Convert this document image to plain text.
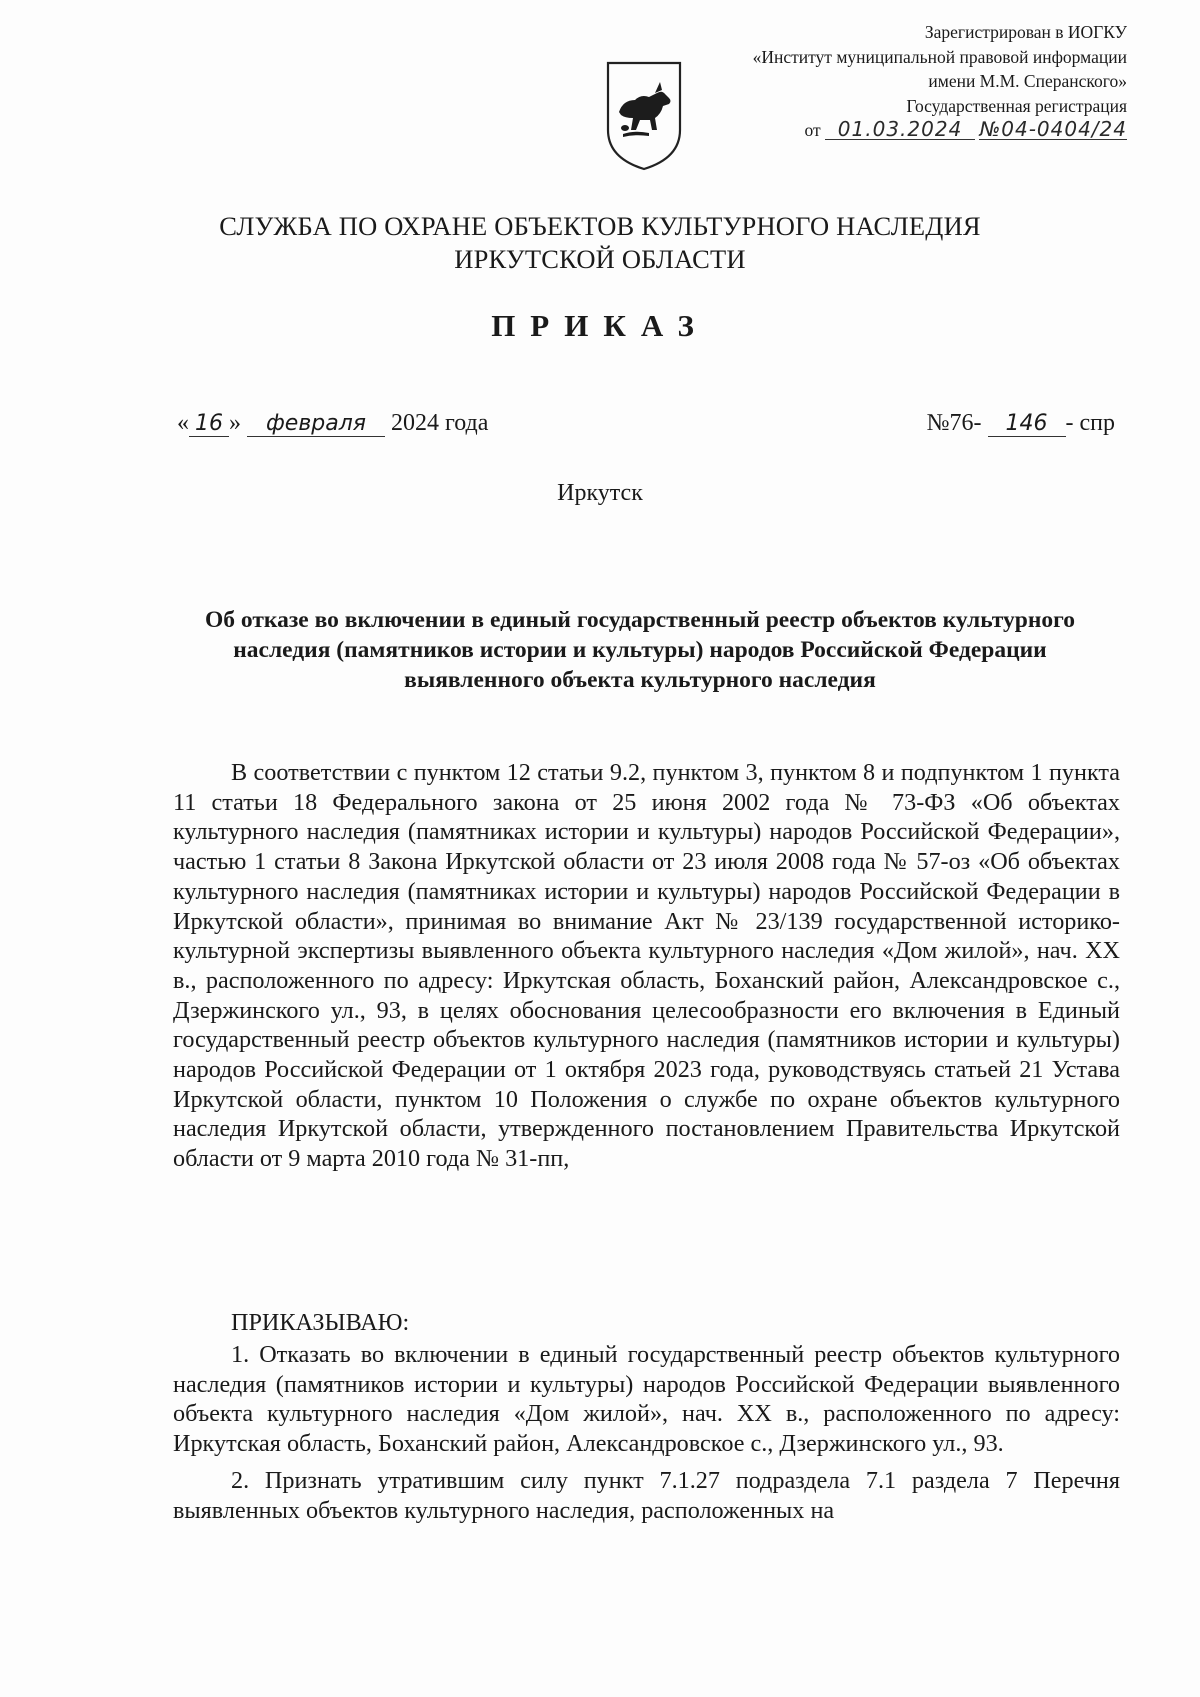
Зарегистрирован в ИОГКУ
«Институт муниципальной правовой информации
имени М.М. Сперанского»
Государственная регистрация
от 01.03.2024 №04-0404/24
СЛУЖБА ПО ОХРАНЕ ОБЪЕКТОВ КУЛЬТУРНОГО НАСЛЕДИЯ
ИРКУТСКОЙ ОБЛАСТИ
ПРИКАЗ
« 16 » февраля 2024 года	№76- 146 - спр
Иркутск
Об отказе во включении в единый государственный реестр объектов культурного наследия (памятников истории и культуры) народов Российской Федерации выявленного объекта культурного наследия
В соответствии с пунктом 12 статьи 9.2, пунктом 3, пунктом 8 и подпунктом 1 пункта 11 статьи 18 Федерального закона от 25 июня 2002 года № 73-ФЗ «Об объектах культурного наследия (памятниках истории и культуры) народов Российской Федерации», частью 1 статьи 8 Закона Иркутской области от 23 июля 2008 года № 57-оз «Об объектах культурного наследия (памятниках истории и культуры) народов Российской Федерации в Иркутской области», принимая во внимание Акт № 23/139 государственной историко-культурной экспертизы выявленного объекта культурного наследия «Дом жилой», нач. XX в., расположенного по адресу: Иркутская область, Боханский район, Александровское с., Дзержинского ул., 93, в целях обоснования целесообразности его включения в Единый государственный реестр объектов культурного наследия (памятников истории и культуры) народов Российской Федерации от 1 октября 2023 года, руководствуясь статьей 21 Устава Иркутской области, пунктом 10 Положения о службе по охране объектов культурного наследия Иркутской области, утвержденного постановлением Правительства Иркутской области от 9 марта 2010 года № 31-пп,
ПРИКАЗЫВАЮ:
1. Отказать во включении в единый государственный реестр объектов культурного наследия (памятников истории и культуры) народов Российской Федерации выявленного объекта культурного наследия «Дом жилой», нач. XX в., расположенного по адресу: Иркутская область, Боханский район, Александровское с., Дзержинского ул., 93.
2. Признать утратившим силу пункт 7.1.27 подраздела 7.1 раздела 7 Перечня выявленных объектов культурного наследия, расположенных на
